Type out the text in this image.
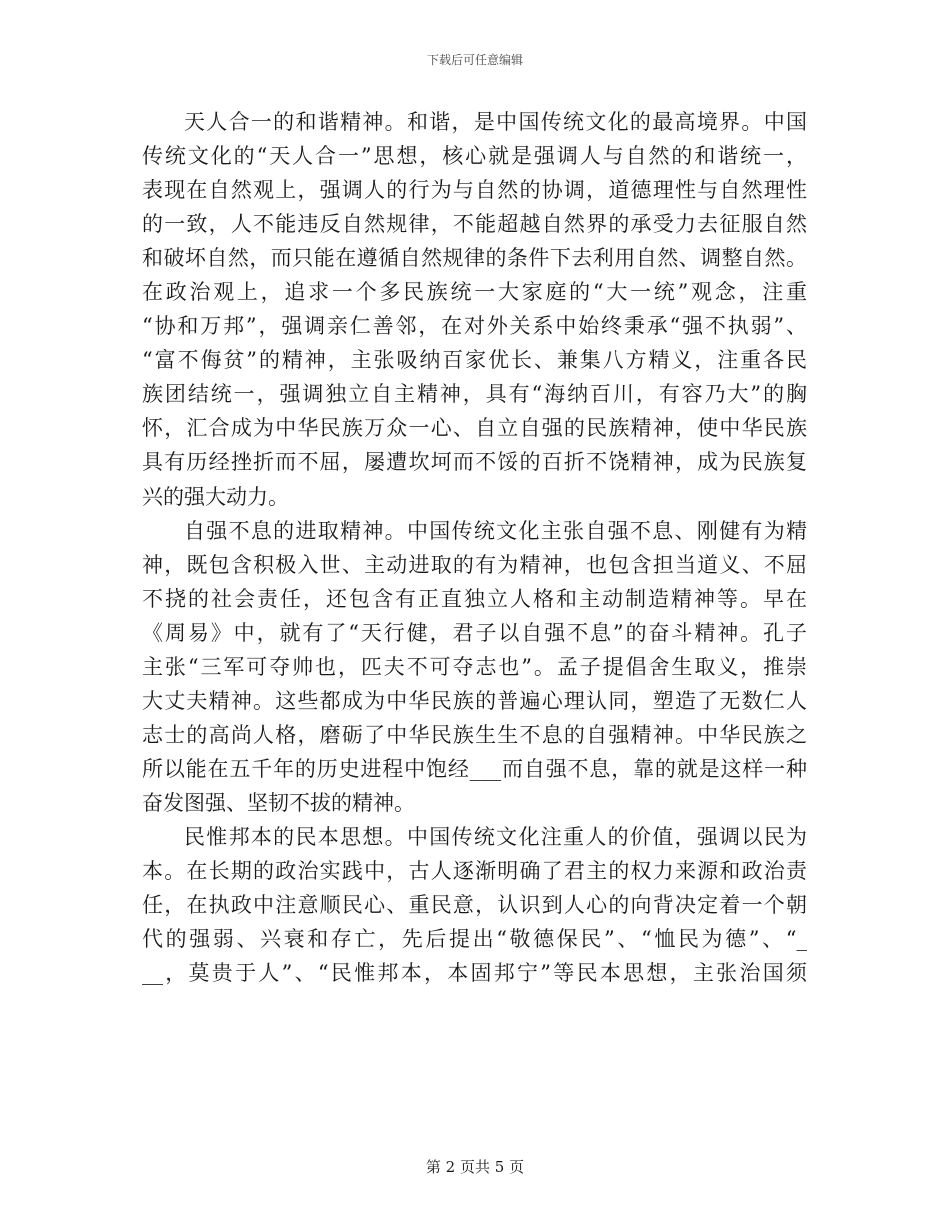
下载后可任意编辑
天人合一的和谐精神。和谐，是中国传统文化的最高境界。中国
传统文化的“天人合一”思想，核心就是强调人与自然的和谐统一，
表现在自然观上，强调人的行为与自然的协调，道德理性与自然理性
的一致，人不能违反自然规律，不能超越自然界的承受力去征服自然
和破坏自然，而只能在遵循自然规律的条件下去利用自然、调整自然。
在政治观上，追求一个多民族统一大家庭的“大一统”观念，注重
“协和万邦”，强调亲仁善邻，在对外关系中始终秉承“强不执弱”、
“富不侮贫”的精神，主张吸纳百家优长、兼集八方精义，注重各民
族团结统一，强调独立自主精神，具有“海纳百川，有容乃大”的胸
怀，汇合成为中华民族万众一心、自立自强的民族精神，使中华民族
具有历经挫折而不屈，屡遭坎坷而不馁的百折不饶精神，成为民族复
兴的强大动力。
自强不息的进取精神。中国传统文化主张自强不息、刚健有为精
神，既包含积极入世、主动进取的有为精神，也包含担当道义、不屈
不挠的社会责任，还包含有正直独立人格和主动制造精神等。早在
《周易》中，就有了“天行健，君子以自强不息”的奋斗精神。孔子
主张“三军可夺帅也，匹夫不可夺志也”。孟子提倡舍生取义，推崇
大丈夫精神。这些都成为中华民族的普遍心理认同，塑造了无数仁人
志士的高尚人格，磨砺了中华民族生生不息的自强精神。中华民族之
所以能在五千年的历史进程中饱经___而自强不息，靠的就是这样一种
奋发图强、坚韧不拔的精神。
民惟邦本的民本思想。中国传统文化注重人的价值，强调以民为
本。在长期的政治实践中，古人逐渐明确了君主的权力来源和政治责
任，在执政中注意顺民心、重民意，认识到人心的向背决定着一个朝
代的强弱、兴衰和存亡，先后提出“敬德保民”、“恤民为德”、“_
__，莫贵于人”、“民惟邦本，本固邦宁”等民本思想，主张治国须
第 2 页共 5 页
